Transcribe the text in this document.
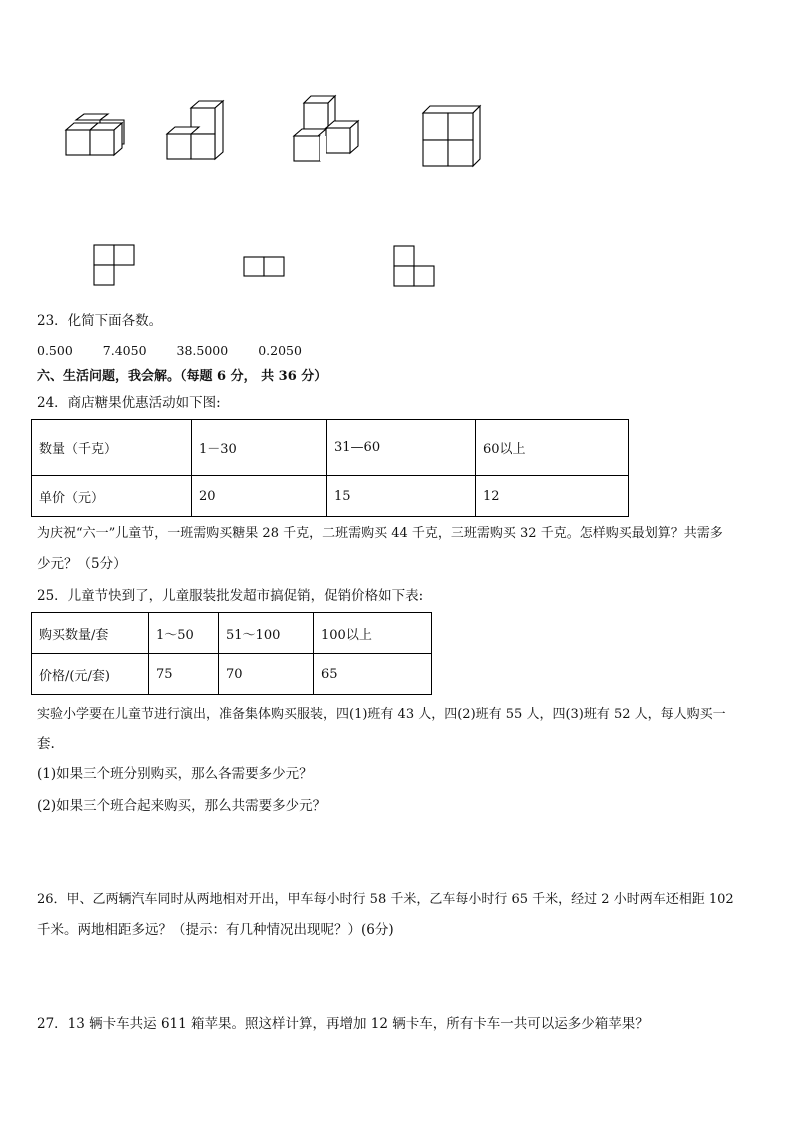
23．化简下面各数。
0.500 7.4050 38.5000 0.2050
六、生活问题，我会解。（每题 6 分， 共 36 分）
24．商店糖果优惠活动如下图:
数量（千克）	1－30	31—60	60以上
单价（元）	20	15	12
为庆祝“六一”儿童节，一班需购买糖果 28 千克，二班需购买 44 千克，三班需购买 32 千克。怎样购买最划算？共需多
少元？（5分）
25．儿童节快到了，儿童服装批发超市搞促销，促销价格如下表:
购买数量/套	1～50	51～100	100以上
价格/(元/套)	75	70	65
实验小学要在儿童节进行演出，准备集体购买服装，四(1)班有 43 人，四(2)班有 55 人，四(3)班有 52 人，每人购买一
套.
(1)如果三个班分别购买，那么各需要多少元？
(2)如果三个班合起来购买，那么共需要多少元？
26．甲、乙两辆汽车同时从两地相对开出，甲车每小时行 58 千米，乙车每小时行 65 千米，经过 2 小时两车还相距 102
千米。两地相距多远？（提示：有几种情况出现呢？）(6分)
27．13 辆卡车共运 611 箱苹果。照这样计算，再增加 12 辆卡车，所有卡车一共可以运多少箱苹果？
